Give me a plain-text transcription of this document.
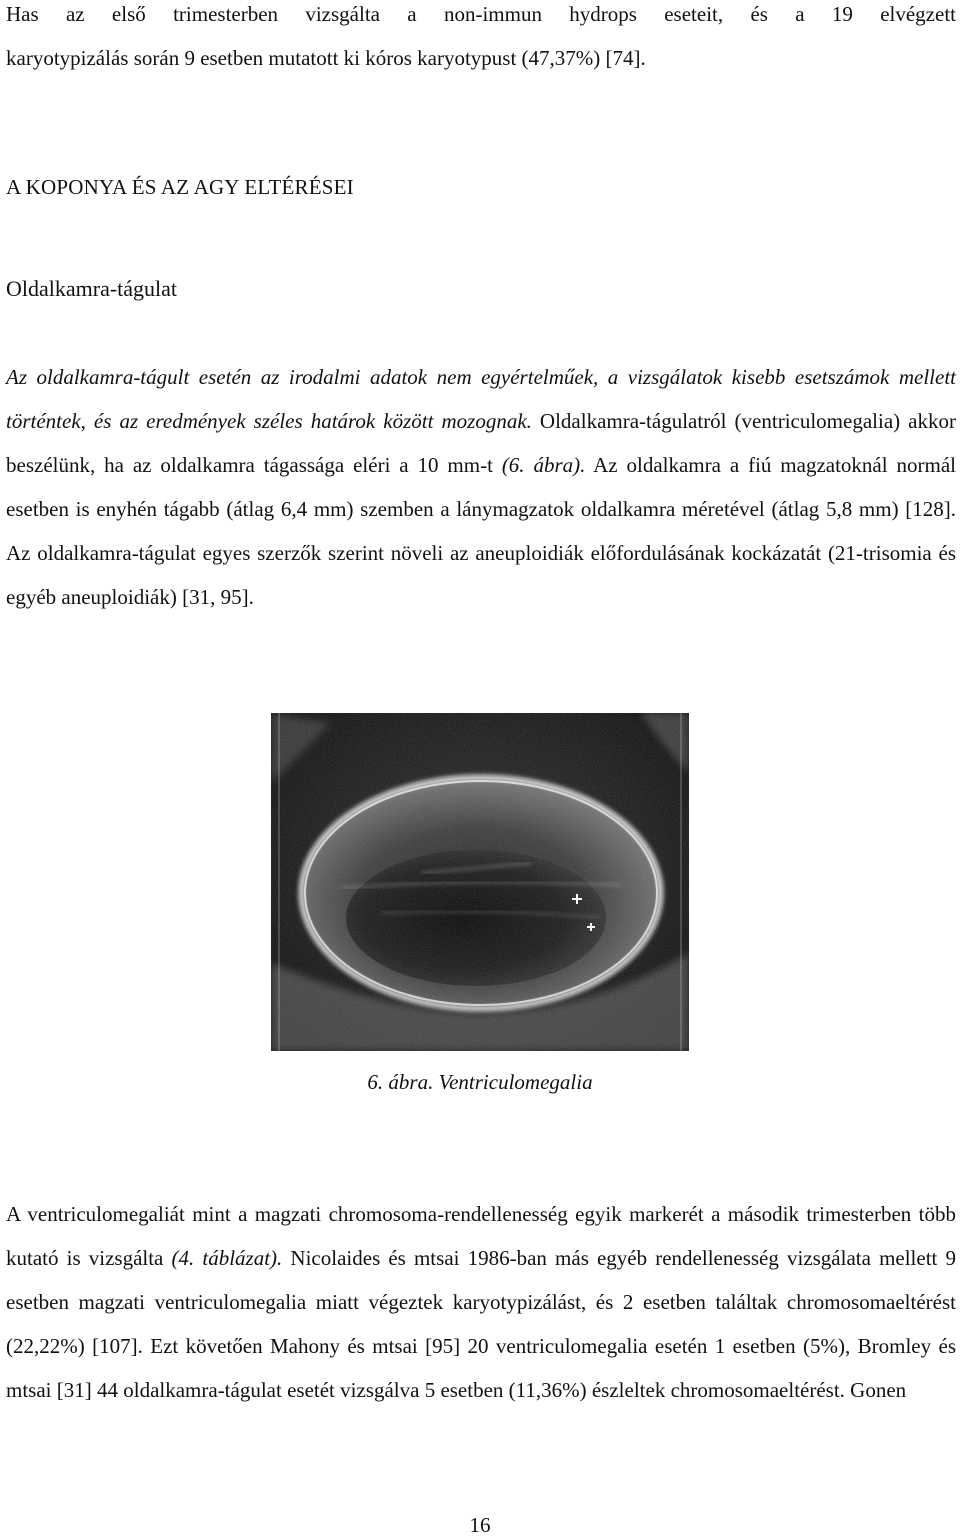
Has az első trimesterben vizsgálta a non-immun hydrops eseteit, és a 19 elvégzett

karyotypizálás során 9 esetben mutatott ki kóros karyotypust (47,37%) [74].

A KOPONYA ÉS AZ AGY ELTÉRÉSEI
Oldalkamra-tágulat

Az oldalkamra-tágult esetén az irodalmi adatok nem egyértelműek, a vizsgálatok kisebb esetszámok mellett történtek, és az eredmények széles határok között mozognak. Oldalkamra-tágulatról (ventriculomegalia) akkor beszélünk, ha az oldalkamra tágassága eléri a 10 mm-t (6. ábra). Az oldalkamra a fiú magzatoknál normál esetben is enyhén tágabb (átlag 6,4 mm) szemben a lánymagzatok oldalkamra méretével (átlag 5,8 mm) [128]. Az oldalkamra-tágulat egyes szerzők szerint növeli az aneuploidiák előfordulásának kockázatát (21-trisomia és egyéb aneuploidiák) [31, 95].

6. ábra. Ventriculomegalia

A ventriculomegaliát mint a magzati chromosoma-rendellenesség egyik markerét a második trimesterben több kutató is vizsgálta (4. táblázat). Nicolaides és mtsai 1986-ban más egyéb rendellenesség vizsgálata mellett 9 esetben magzati ventriculomegalia miatt végeztek karyotypizálást, és 2 esetben találtak chromosomaeltérést (22,22%) [107]. Ezt követően Mahony és mtsai [95] 20 ventriculomegalia esetén 1 esetben (5%), Bromley és mtsai [31] 44 oldalkamra-tágulat esetét vizsgálva 5 esetben (11,36%) észleltek chromosomaeltérést. Gonen

16
